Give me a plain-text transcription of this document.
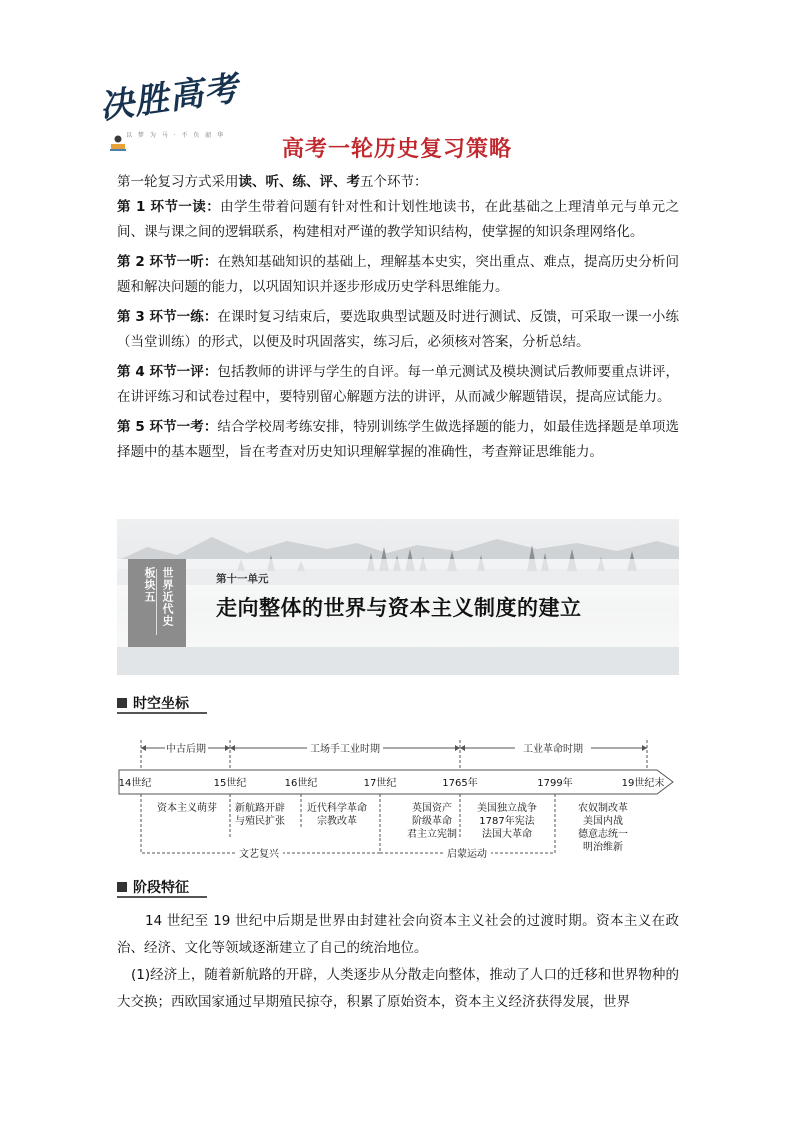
决胜高考
以 梦 为 马 · 不 负 韶 华
高考一轮历史复习策略

第一轮复习方式采用读、听、练、评、考五个环节：

第 1 环节一读：由学生带着问题有针对性和计划性地读书，在此基础之上理清单元与单元之间、课与课之间的逻辑联系，构建相对严谨的教学知识结构，使掌握的知识条理网络化。

第 2 环节一听：在熟知基础知识的基础上，理解基本史实，突出重点、难点，提高历史分析问题和解决问题的能力，以巩固知识并逐步形成历史学科思维能力。

第 3 环节一练：在课时复习结束后，要选取典型试题及时进行测试、反馈，可采取一课一小练（当堂训练）的形式，以便及时巩固落实，练习后，必须核对答案，分析总结。

第 4 环节一评：包括教师的讲评与学生的自评。每一单元测试及模块测试后教师要重点讲评，在讲评练习和试卷过程中，要特别留心解题方法的讲评，从而减少解题错误，提高应试能力。

第 5 环节一考：结合学校周考练安排，特别训练学生做选择题的能力，如最佳选择题是单项选择题中的基本题型，旨在考查对历史知识理解掌握的准确性，考查辩证思维能力。

板块五 世界近代史	第十一单元
走向整体的世界与资本主义制度的建立
时空坐标
中古后期	工场手工业时期	工业革命时期
14世纪	15世纪	16世纪	17世纪	1765年	1799年	19世纪末
资本主义萌芽 新航路开辟
与殖民扩张
近代科学革命
宗教改革
英国资产
阶级革命
君主立宪制
美国独立战争
1787年宪法
法国大革命
农奴制改革
美国内战
德意志统一
明治维新
文艺复兴	启蒙运动
阶段特征

14 世纪至 19 世纪中后期是世界由封建社会向资本主义社会的过渡时期。资本主义在政治、经济、文化等领域逐渐建立了自己的统治地位。

(1)经济上，随着新航路的开辟，人类逐步从分散走向整体，推动了人口的迁移和世界物种的大交换；西欧国家通过早期殖民掠夺，积累了原始资本，资本主义经济获得发展，世界
